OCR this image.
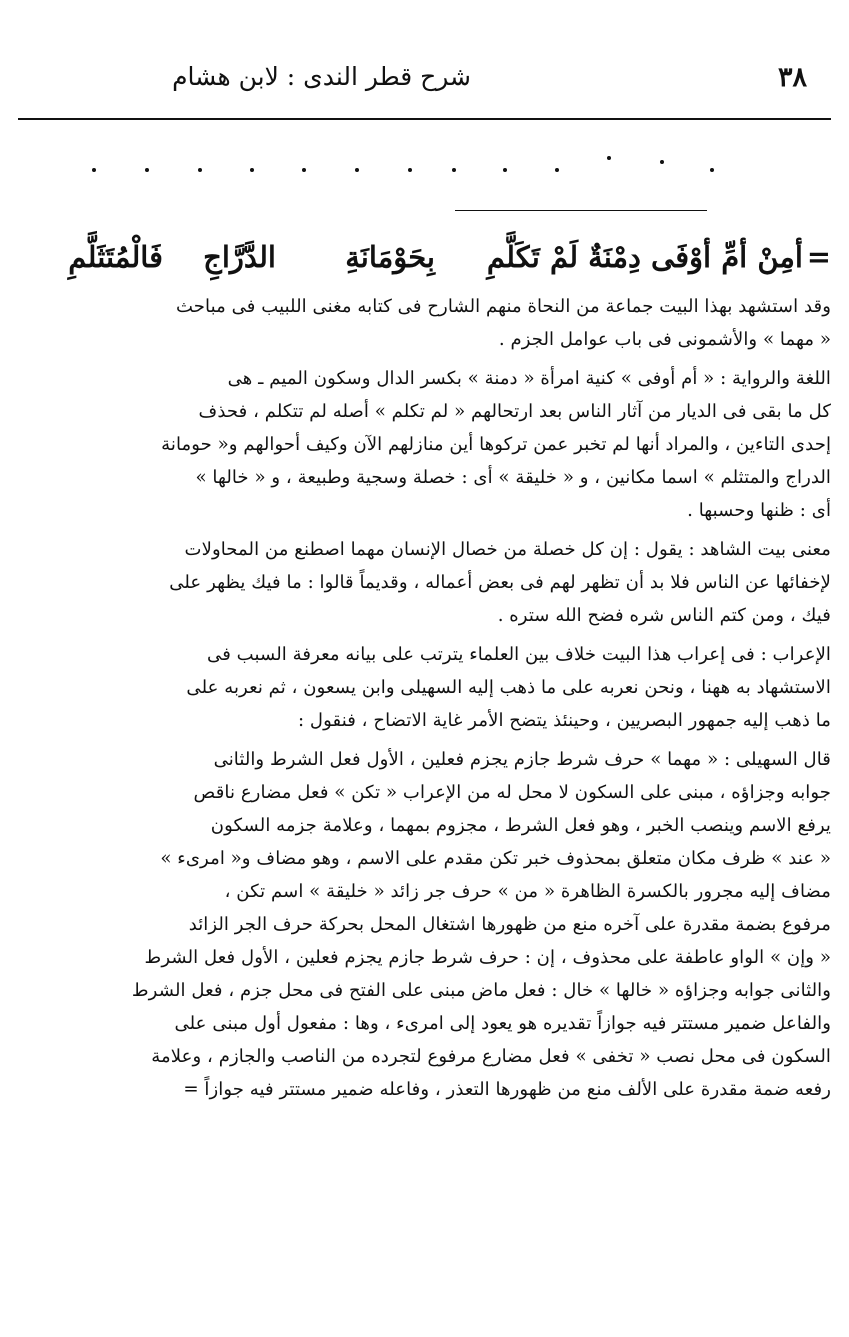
٣٨
شرح قطر الندى : لابن هشام
=
أمِنْ أمِّ أوْفَى دِمْنَةٌ لَمْ تَكَلَّمِ
بِحَوْمَانَةِ
الدَّرَّاجِ
فَالْمُتَثَلَّمِ

وقد استشهد بهذا البيت جماعة من النحاة منهم الشارح فى كتابه مغنى اللبيب فى مباحث
« مهما » والأشمونى فى باب عوامل الجزم .

اللغة والرواية : « أم أوفى » كنية امرأة « دمنة » بكسر الدال وسكون الميم ـ هى
كل ما بقى فى الديار من آثار الناس بعد ارتحالهم « لم تكلم » أصله لم تتكلم ، فحذف
إحدى التاءين ، والمراد أنها لم تخبر عمن تركوها أين منازلهم الآن وكيف أحوالهم و« حومانة
الدراج والمتثلم » اسما مكانين ، و « خليقة » أى : خصلة وسجية وطبيعة ، و « خالها »
أى : ظنها وحسبها .

معنى بيت الشاهد : يقول : إن كل خصلة من خصال الإنسان مهما اصطنع من المحاولات
لإخفائها عن الناس فلا بد أن تظهر لهم فى بعض أعماله ، وقديماً قالوا : ما فيك يظهر على
فيك ، ومن كتم الناس شره فضح الله ستره .

الإعراب : فى إعراب هذا البيت خلاف بين العلماء يترتب على بيانه معرفة السبب فى
الاستشهاد به ههنا ، ونحن نعربه على ما ذهب إليه السهيلى وابن يسعون ، ثم نعربه على
ما ذهب إليه جمهور البصريين ، وحينئذ يتضح الأمر غاية الاتضاح ، فنقول :

قال السهيلى : « مهما » حرف شرط جازم يجزم فعلين ، الأول فعل الشرط والثانى
جوابه وجزاؤه ، مبنى على السكون لا محل له من الإعراب « تكن » فعل مضارع ناقص
يرفع الاسم وينصب الخبر ، وهو فعل الشرط ، مجزوم بمهما ، وعلامة جزمه السكون
« عند » ظرف مكان متعلق بمحذوف خبر تكن مقدم على الاسم ، وهو مضاف و« امرىء »
مضاف إليه مجرور بالكسرة الظاهرة « من » حرف جر زائد « خليقة » اسم تكن ،
مرفوع بضمة مقدرة على آخره منع من ظهورها اشتغال المحل بحركة حرف الجر الزائد
« وإن » الواو عاطفة على محذوف ، إن : حرف شرط جازم يجزم فعلين ، الأول فعل الشرط
والثانى جوابه وجزاؤه « خالها » خال : فعل ماض مبنى على الفتح فى محل جزم ، فعل الشرط
والفاعل ضمير مستتر فيه جوازاً تقديره هو يعود إلى امرىء ، وها : مفعول أول مبنى على
السكون فى محل نصب « تخفى » فعل مضارع مرفوع لتجرده من الناصب والجازم ، وعلامة
رفعه ضمة مقدرة على الألف منع من ظهورها التعذر ، وفاعله ضمير مستتر فيه جوازاً =
